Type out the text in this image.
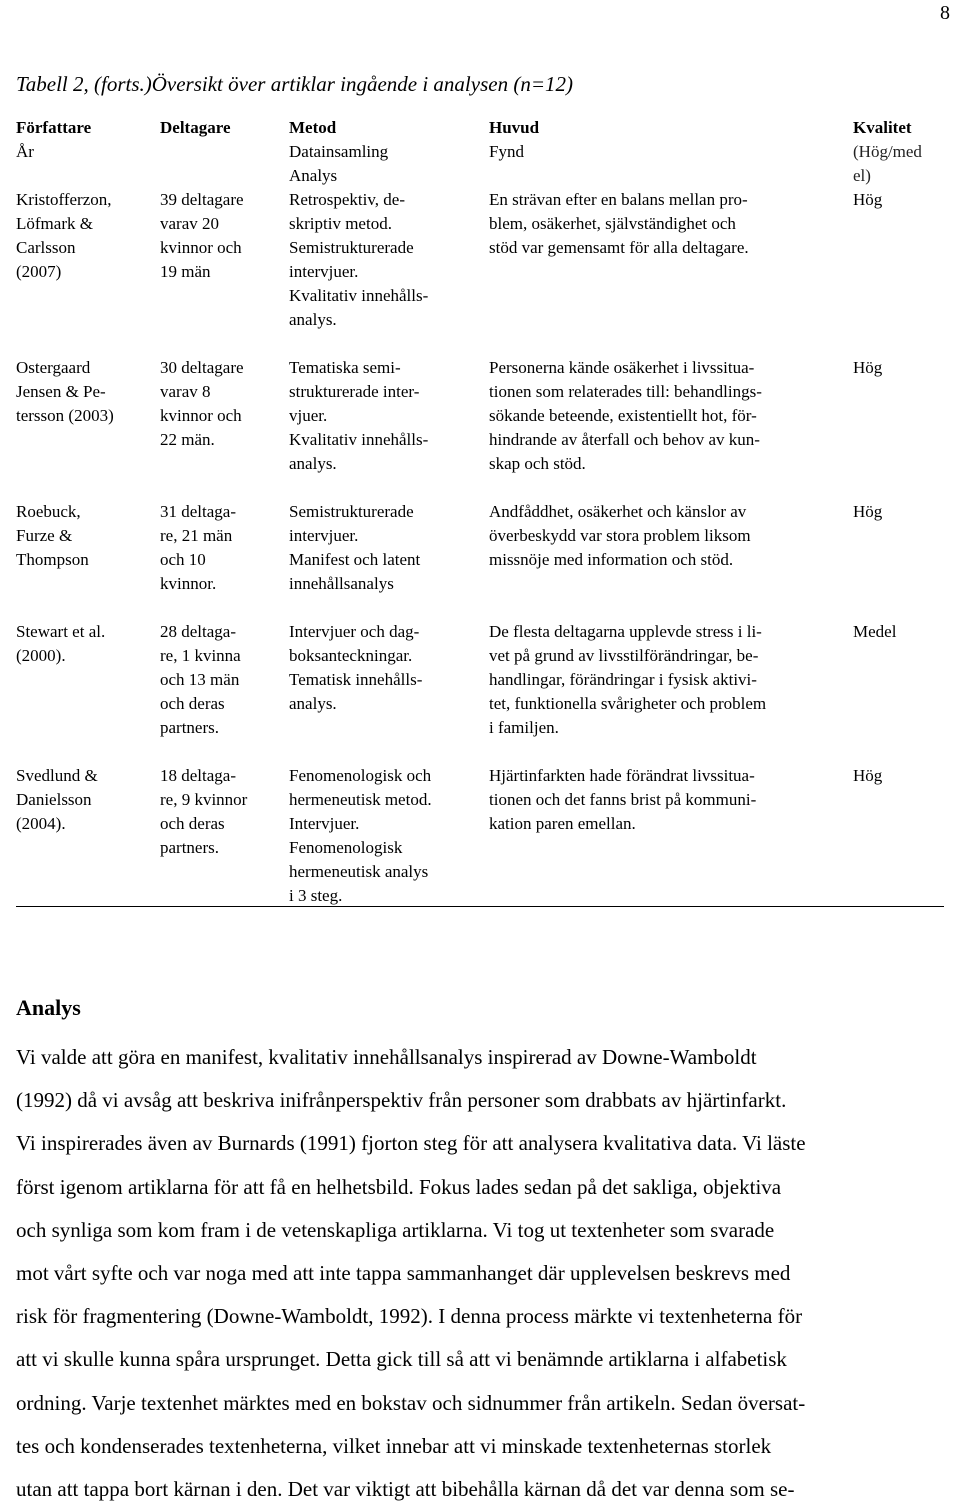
8
Tabell 2, (forts.)Översikt över artiklar ingående i analysen (n=12)
Författare
År
Deltagare	Metod
Datainsamling
Analys
Huvud
Fynd
Kvalitet
(Hög/med
el)
Kristofferzon,
Löfmark &
Carlsson
(2007)
39 deltagare
varav 20
kvinnor och
19 män
Retrospektiv, de-
skriptiv metod.
Semistrukturerade
intervjuer.
Kvalitativ innehålls-
analys.
En strävan efter en balans mellan pro-
blem, osäkerhet, självständighet och
stöd var gemensamt för alla deltagare.
Hög
Ostergaard
Jensen & Pe-
tersson (2003)
30 deltagare
varav 8
kvinnor och
22 män.
Tematiska semi-
strukturerade inter-
vjuer.
Kvalitativ innehålls-
analys.
Personerna kände osäkerhet i livssitua-
tionen som relaterades till: behandlings-
sökande beteende, existentiellt hot, för-
hindrande av återfall och behov av kun-
skap och stöd.
Hög
Roebuck,
Furze &
Thompson
31 deltaga-
re, 21 män
och 10
kvinnor.
Semistrukturerade
intervjuer.
Manifest och latent
innehållsanalys
Andfåddhet, osäkerhet och känslor av
överbeskydd var stora problem liksom
missnöje med information och stöd.
Hög
Stewart et al.
(2000).
28 deltaga-
re, 1 kvinna
och 13 män
och deras
partners.
Intervjuer och dag-
boksanteckningar.
Tematisk innehålls-
analys.
De flesta deltagarna upplevde stress i li-
vet på grund av livsstilförändringar, be-
handlingar, förändringar i fysisk aktivi-
tet, funktionella svårigheter och problem
i familjen.
Medel
Svedlund &
Danielsson
(2004).
18 deltaga-
re, 9 kvinnor
och deras
partners.
Fenomenologisk och
hermeneutisk metod.
Intervjuer.
Fenomenologisk
hermeneutisk analys
i 3 steg.
Hjärtinfarkten hade förändrat livssitua-
tionen och det fanns brist på kommuni-
kation paren emellan.
Hög
Analys
Vi valde att göra en manifest, kvalitativ innehållsanalys inspirerad av Downe-Wamboldt
(1992) då vi avsåg att beskriva inifrånperspektiv från personer som drabbats av hjärtinfarkt.
Vi inspirerades även av Burnards (1991) fjorton steg för att analysera kvalitativa data. Vi läste
först igenom artiklarna för att få en helhetsbild. Fokus lades sedan på det sakliga, objektiva
och synliga som kom fram i de vetenskapliga artiklarna. Vi tog ut textenheter som svarade
mot vårt syfte och var noga med att inte tappa sammanhanget där upplevelsen beskrevs med
risk för fragmentering (Downe-Wamboldt, 1992). I denna process märkte vi textenheterna för
att vi skulle kunna spåra ursprunget. Detta gick till så att vi benämnde artiklarna i alfabetisk
ordning. Varje textenhet märktes med en bokstav och sidnummer från artikeln. Sedan översat-
tes och kondenserades textenheterna, vilket innebar att vi minskade textenheternas storlek
utan att tappa bort kärnan i den. Det var viktigt att bibehålla kärnan då det var denna som se-
